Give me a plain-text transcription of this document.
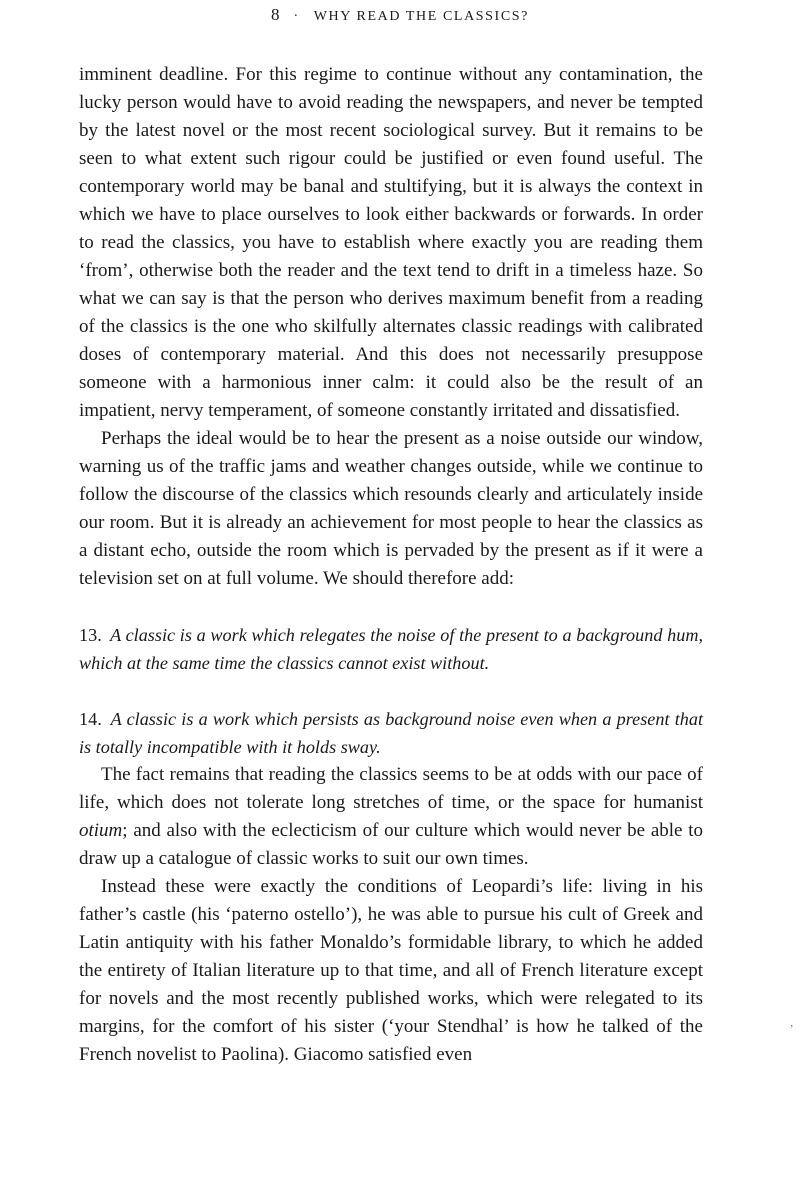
8 · WHY READ THE CLASSICS?

imminent deadline. For this regime to continue without any contamination, the lucky person would have to avoid reading the newspapers, and never be tempted by the latest novel or the most recent sociological survey. But it remains to be seen to what extent such rigour could be justified or even found useful. The contemporary world may be banal and stultifying, but it is always the context in which we have to place ourselves to look either backwards or forwards. In order to read the classics, you have to establish where exactly you are reading them ‘from’, otherwise both the reader and the text tend to drift in a timeless haze. So what we can say is that the person who derives maximum benefit from a reading of the classics is the one who skilfully alternates classic readings with calibrated doses of contemporary material. And this does not necessarily presuppose someone with a harmonious inner calm: it could also be the result of an impatient, nervy temperament, of someone constantly irritated and dissatisfied.

Perhaps the ideal would be to hear the present as a noise outside our window, warning us of the traffic jams and weather changes outside, while we continue to follow the discourse of the classics which resounds clearly and articulately inside our room. But it is already an achievement for most people to hear the classics as a distant echo, outside the room which is pervaded by the present as if it were a television set on at full volume. We should therefore add:

13. A classic is a work which relegates the noise of the present to a background hum, which at the same time the classics cannot exist without.

14. A classic is a work which persists as background noise even when a present that is totally incompatible with it holds sway.

The fact remains that reading the classics seems to be at odds with our pace of life, which does not tolerate long stretches of time, or the space for humanist otium; and also with the eclecticism of our culture which would never be able to draw up a catalogue of classic works to suit our own times.

Instead these were exactly the conditions of Leopardi’s life: living in his father’s castle (his ‘paterno ostello’), he was able to pursue his cult of Greek and Latin antiquity with his father Monaldo’s formidable library, to which he added the entirety of Italian literature up to that time, and all of French literature except for novels and the most recently published works, which were relegated to its margins, for the comfort of his sister (‘your Stendhal’ is how he talked of the French novelist to Paolina). Giacomo satisfied even

ʼ
